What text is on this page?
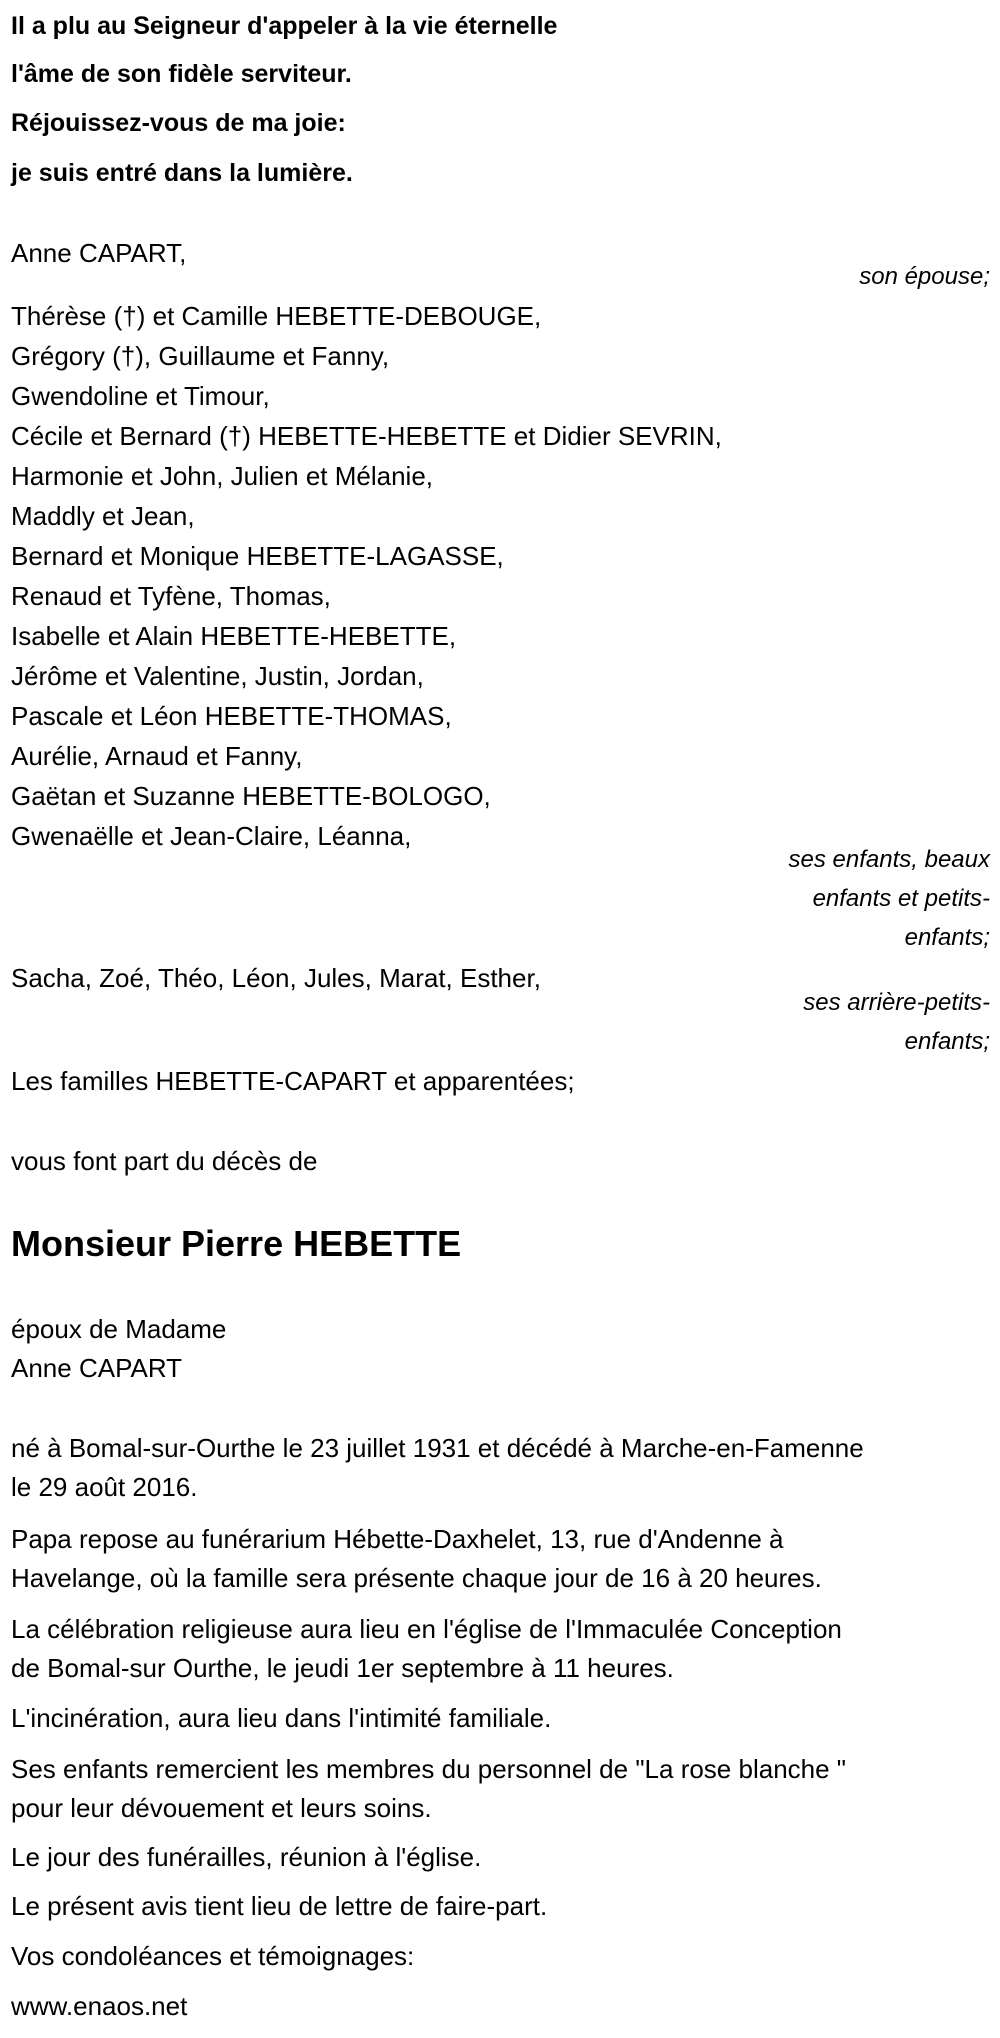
Il a plu au Seigneur d'appeler à la vie éternelle
l'âme de son fidèle serviteur.
Réjouissez-vous de ma joie:
je suis entré dans la lumière.
Anne CAPART,
son épouse;
Thérèse (†) et Camille HEBETTE-DEBOUGE,
Grégory (†), Guillaume et Fanny,
Gwendoline et Timour,
Cécile et Bernard (†) HEBETTE-HEBETTE et Didier SEVRIN,
Harmonie et John, Julien et Mélanie,
Maddly et Jean,
Bernard et Monique HEBETTE-LAGASSE,
Renaud et Tyfène, Thomas,
Isabelle et Alain HEBETTE-HEBETTE,
Jérôme et Valentine, Justin, Jordan,
Pascale et Léon HEBETTE-THOMAS,
Aurélie, Arnaud et Fanny,
Gaëtan et Suzanne HEBETTE-BOLOGO,
Gwenaëlle et Jean-Claire, Léanna,
ses enfants, beaux
enfants et petits-
enfants;
Sacha, Zoé, Théo, Léon, Jules, Marat, Esther,
ses arrière-petits-
enfants;
Les familles HEBETTE-CAPART et apparentées;
vous font part du décès de
Monsieur Pierre HEBETTE
époux de Madame
Anne CAPART
né à Bomal-sur-Ourthe le 23 juillet 1931 et décédé à Marche-en-Famenne
le 29 août 2016.
Papa repose au funérarium Hébette-Daxhelet, 13, rue d'Andenne à
Havelange, où la famille sera présente chaque jour de 16 à 20 heures.
La célébration religieuse aura lieu en l'église de l'Immaculée Conception
de Bomal-sur Ourthe, le jeudi 1er septembre à 11 heures.
L'incinération, aura lieu dans l'intimité familiale.
Ses enfants remercient les membres du personnel de "La rose blanche "
pour leur dévouement et leurs soins.
Le jour des funérailles, réunion à l'église.
Le présent avis tient lieu de lettre de faire-part.
Vos condoléances et témoignages:
www.enaos.net
